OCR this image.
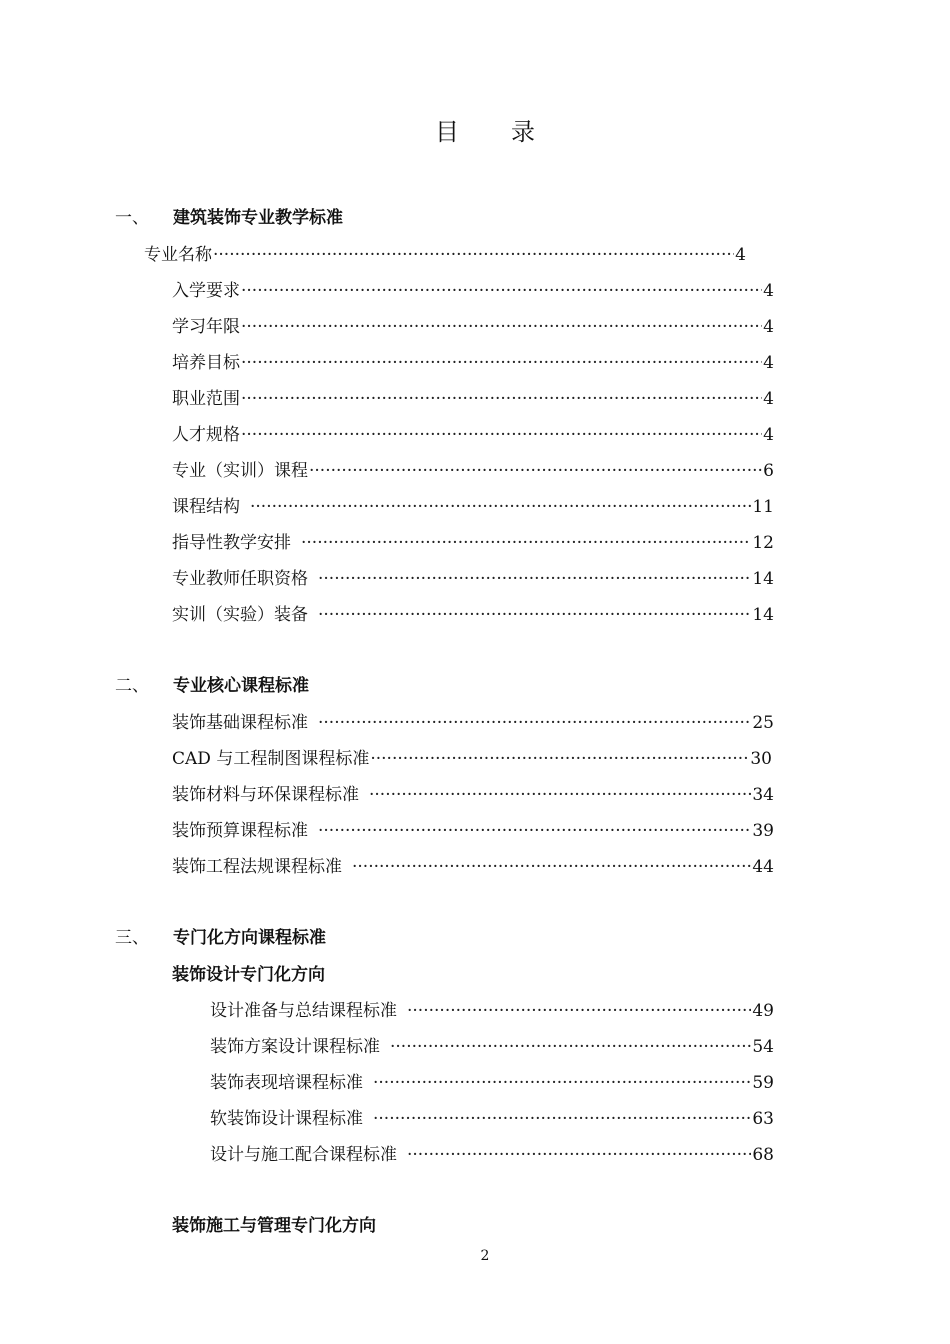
目 录
一、 建筑装饰专业教学标准
专业名称 ·····	4
入学要求 ·····	4
学习年限 ·····	4
培养目标 ·····	4
职业范围 ·····	4
人才规格 ·····	4
专业（实训）课程 ·····	6
课程结构 ·····	11
指导性教学安排 ·····	12
专业教师任职资格 ·····	14
实训（实验）装备 ·····	14
二、 专业核心课程标准
装饰基础课程标准 ·····	25
CAD 与工程制图课程标准 ·····	30
装饰材料与环保课程标准 ·····	34
装饰预算课程标准 ·····	39
装饰工程法规课程标准 ·····	44
三、 专门化方向课程标准
装饰设计专门化方向
设计准备与总结课程标准 ·····	49
装饰方案设计课程标准 ·····	54
装饰表现培课程标准 ·····	59
软装饰设计课程标准 ·····	63
设计与施工配合课程标准 ·····	68
装饰施工与管理专门化方向
2
